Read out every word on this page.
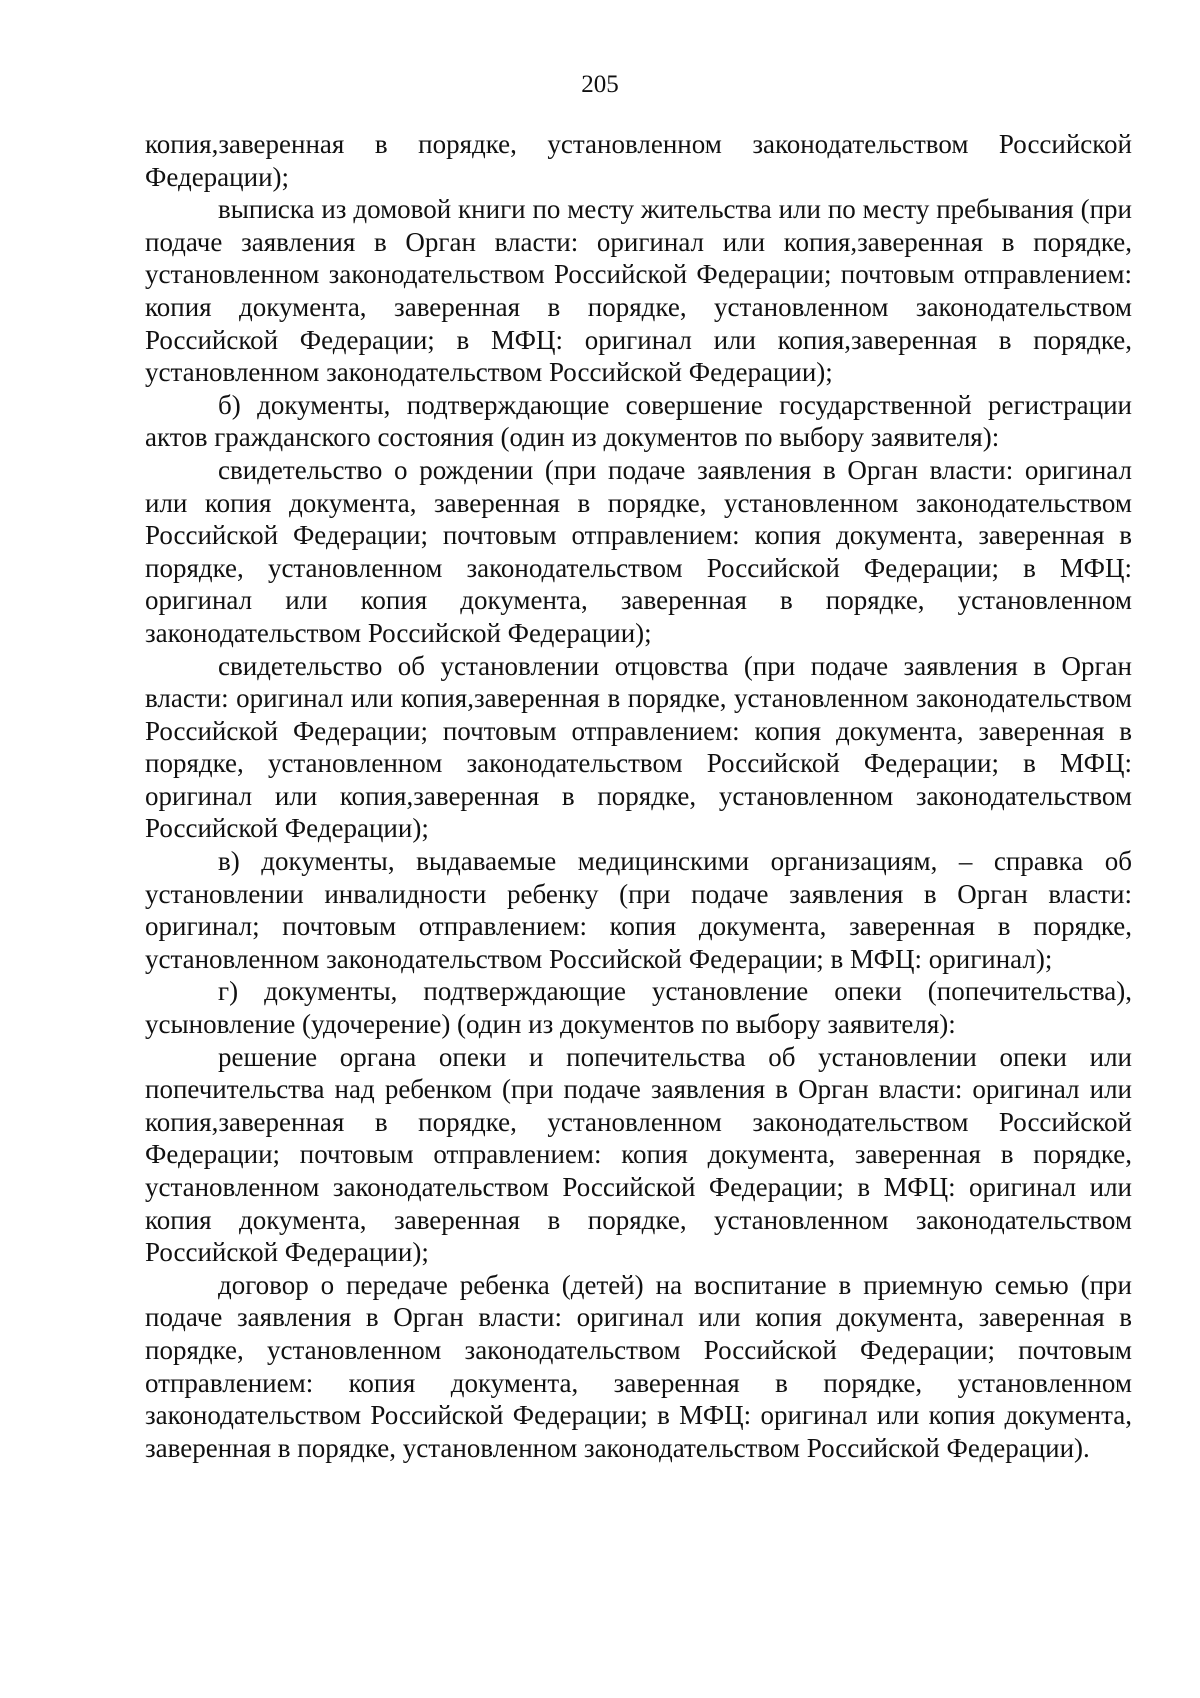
205

копия,заверенная в порядке, установленном законодательством Российской Федерации);

выписка из домовой книги по месту жительства или по месту пребывания (при подаче заявления в Орган власти: оригинал или копия,заверенная в порядке, установленном законодательством Российской Федерации; почтовым отправлением: копия документа, заверенная в порядке, установленном законодательством Российской Федерации; в МФЦ: оригинал или копия,заверенная в порядке, установленном законодательством Российской Федерации);

б) документы, подтверждающие совершение государственной регистрации актов гражданского состояния (один из документов по выбору заявителя):

свидетельство о рождении (при подаче заявления в Орган власти: оригинал или копия документа, заверенная в порядке, установленном законодательством Российской Федерации; почтовым отправлением: копия документа, заверенная в порядке, установленном законодательством Российской Федерации; в МФЦ: оригинал или копия документа, заверенная в порядке, установленном законодательством Российской Федерации);

свидетельство об установлении отцовства (при подаче заявления в Орган власти: оригинал или копия,заверенная в порядке, установленном законодательством Российской Федерации; почтовым отправлением: копия документа, заверенная в порядке, установленном законодательством Российской Федерации; в МФЦ: оригинал или копия,заверенная в порядке, установленном законодательством Российской Федерации);

в) документы, выдаваемые медицинскими организациям, – справка об установлении инвалидности ребенку (при подаче заявления в Орган власти: оригинал; почтовым отправлением: копия документа, заверенная в порядке, установленном законодательством Российской Федерации; в МФЦ: оригинал);

г) документы, подтверждающие установление опеки (попечительства), усыновление (удочерение) (один из документов по выбору заявителя):

решение органа опеки и попечительства об установлении опеки или попечительства над ребенком (при подаче заявления в Орган власти: оригинал или копия,заверенная в порядке, установленном законодательством Российской Федерации; почтовым отправлением: копия документа, заверенная в порядке, установленном законодательством Российской Федерации; в МФЦ: оригинал или копия документа, заверенная в порядке, установленном законодательством Российской Федерации);

договор о передаче ребенка (детей) на воспитание в приемную семью (при подаче заявления в Орган власти: оригинал или копия документа, заверенная в порядке, установленном законодательством Российской Федерации; почтовым отправлением: копия документа, заверенная в порядке, установленном законодательством Российской Федерации; в МФЦ: оригинал или копия документа, заверенная в порядке, установленном законодательством Российской Федерации).
